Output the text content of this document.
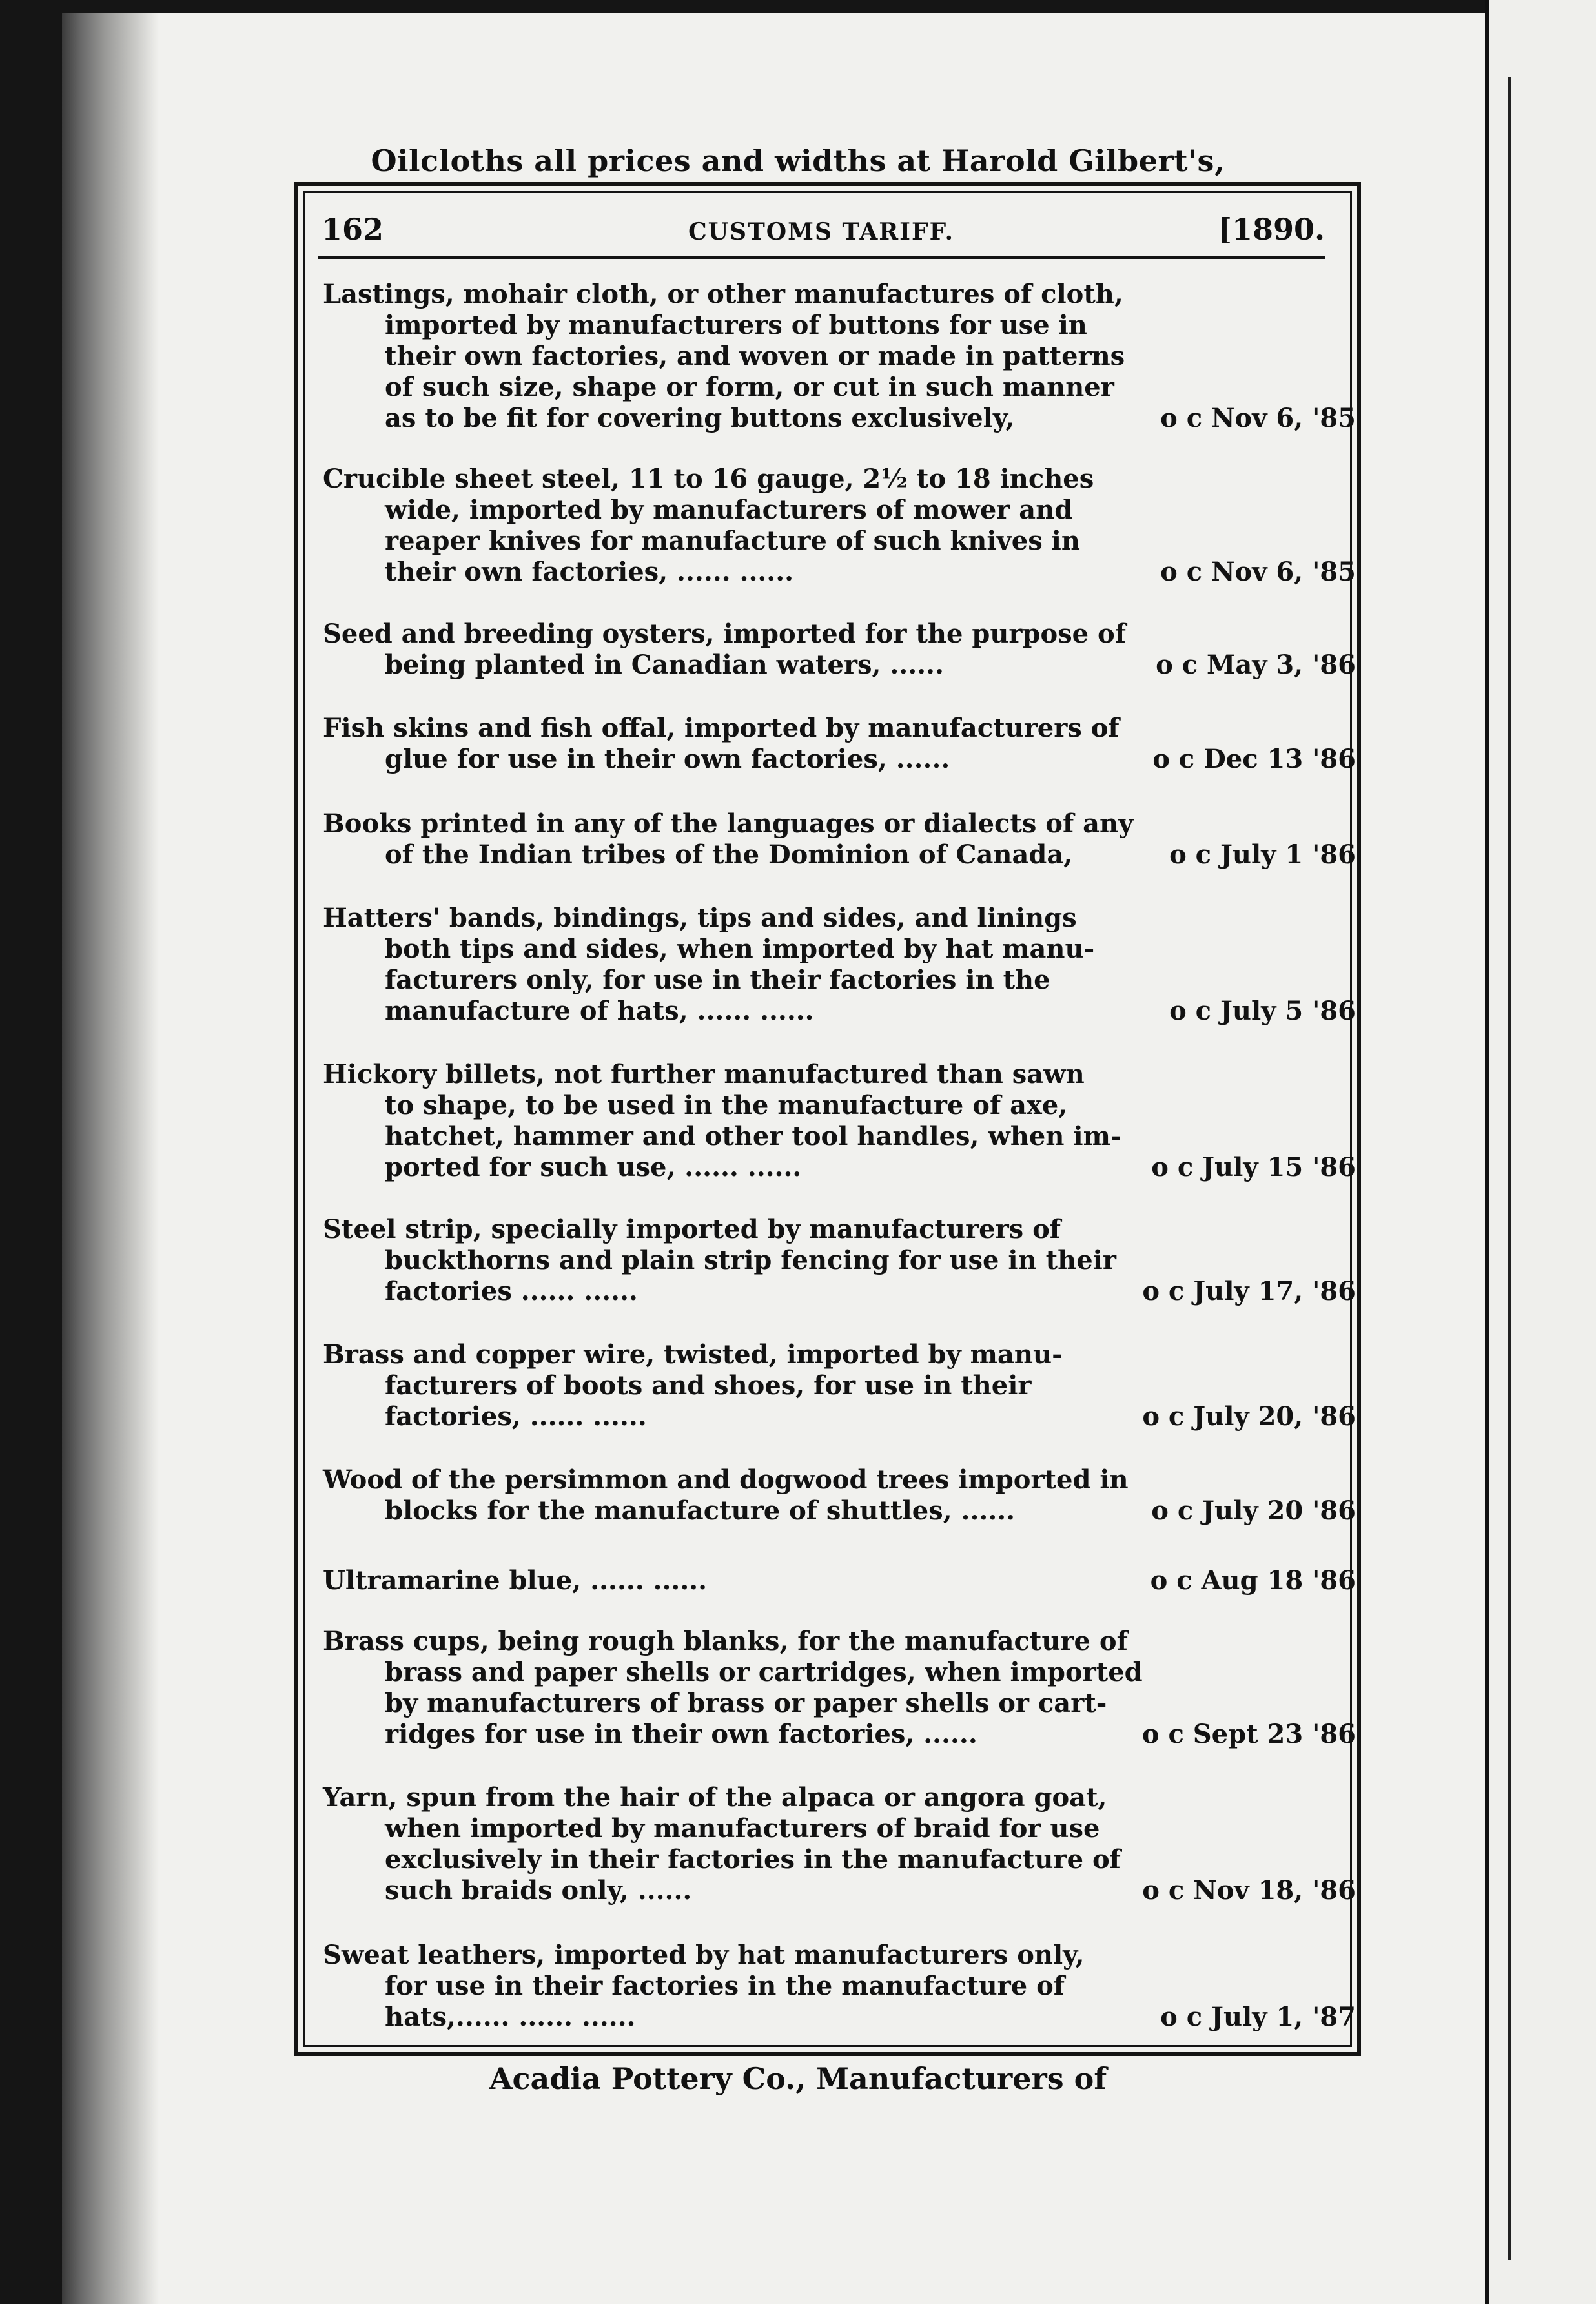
Oilcloths all prices and widths at Harold Gilbert's,
162	CUSTOMS TARIFF.	[1890.
Lastings, mohair cloth, or other manufactures of cloth,
imported by manufacturers of buttons for use in
their own factories, and woven or made in patterns
of such size, shape or form, or cut in such manner
as to be fit for covering buttons exclusively,	o c Nov 6, '85
Crucible sheet steel, 11 to 16 gauge, 2½ to 18 inches
wide, imported by manufacturers of mower and
reaper knives for manufacture of such knives in
their own factories, ...... ......	o c Nov 6, '85
Seed and breeding oysters, imported for the purpose of
being planted in Canadian waters, ......	o c May 3, '86
Fish skins and fish offal, imported by manufacturers of
glue for use in their own factories, ......	o c Dec 13 '86
Books printed in any of the languages or dialects of any
of the Indian tribes of the Dominion of Canada,	o c July 1 '86
Hatters' bands, bindings, tips and sides, and linings
both tips and sides, when imported by hat manu-
facturers only, for use in their factories in the
manufacture of hats, ...... ......	o c July 5 '86
Hickory billets, not further manufactured than sawn
to shape, to be used in the manufacture of axe,
hatchet, hammer and other tool handles, when im-
ported for such use, ...... ......	o c July 15 '86
Steel strip, specially imported by manufacturers of
buckthorns and plain strip fencing for use in their
factories ...... ......	o c July 17, '86
Brass and copper wire, twisted, imported by manu-
facturers of boots and shoes, for use in their
factories, ...... ......	o c July 20, '86
Wood of the persimmon and dogwood trees imported in
blocks for the manufacture of shuttles, ......	o c July 20 '86
Ultramarine blue, ...... ......	o c Aug 18 '86
Brass cups, being rough blanks, for the manufacture of
brass and paper shells or cartridges, when imported
by manufacturers of brass or paper shells or cart-
ridges for use in their own factories, ......	o c Sept 23 '86
Yarn, spun from the hair of the alpaca or angora goat,
when imported by manufacturers of braid for use
exclusively in their factories in the manufacture of
such braids only, ......	o c Nov 18, '86
Sweat leathers, imported by hat manufacturers only,
for use in their factories in the manufacture of
hats,...... ...... ......	o c July 1, '87
Acadia Pottery Co., Manufacturers of
